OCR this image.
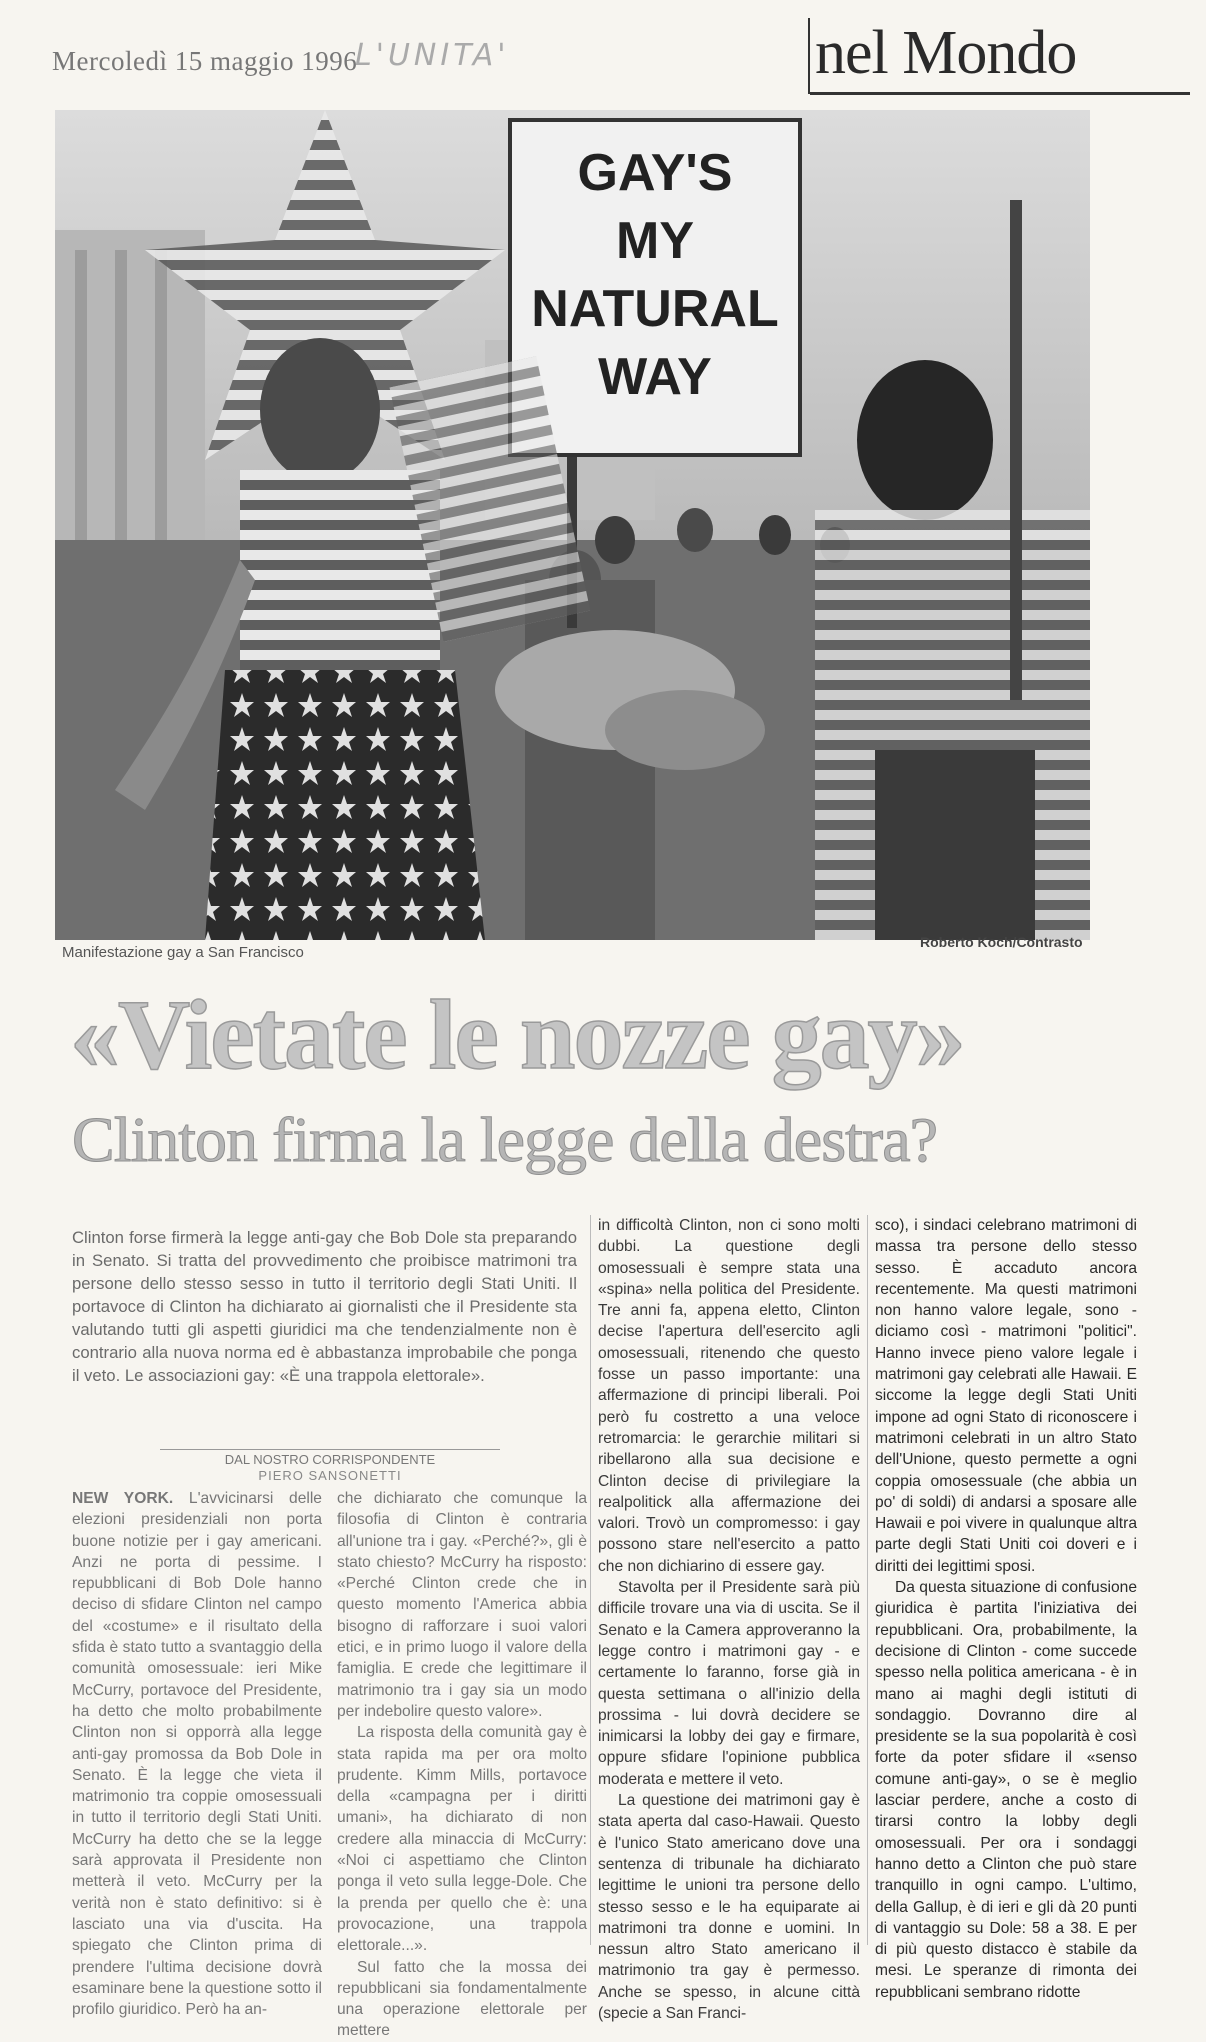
Mercoledì 15 maggio 1996
L'UNITA'	nel Mondo
GAY'S
MY
NATURAL
WAY
Manifestazione gay a San Francisco
Roberto Koch/Contrasto
«Vietate le nozze gay»
Clinton firma la legge della destra?
Clinton forse firmerà la legge anti-gay che Bob Dole sta preparando in Senato. Si tratta del provvedimento che proibisce matrimoni tra persone dello stesso sesso in tutto il territorio degli Stati Uniti. Il portavoce di Clinton ha dichiarato ai giornalisti che il Presidente sta valutando tutti gli aspetti giuridici ma che tendenzialmente non è contrario alla nuova norma ed è abbastanza improbabile che ponga il veto. Le associazioni gay: «È una trappola elettorale».
DAL NOSTRO CORRISPONDENTE
PIERO SANSONETTI

NEW YORK. L'avvicinarsi delle elezioni presidenziali non porta buone notizie per i gay americani. Anzi ne porta di pessime. I repubblicani di Bob Dole hanno deciso di sfidare Clinton nel campo del «costume» e il risultato della sfida è stato tutto a svantaggio della comunità omosessuale: ieri Mike McCurry, portavoce del Presidente, ha detto che molto probabilmente Clinton non si opporrà alla legge anti-gay promossa da Bob Dole in Senato. È la legge che vieta il matrimonio tra coppie omosessuali in tutto il territorio degli Stati Uniti. McCurry ha detto che se la legge sarà approvata il Presidente non metterà il veto. McCurry per la verità non è stato definitivo: si è lasciato una via d'uscita. Ha spiegato che Clinton prima di prendere l'ultima decisione dovrà esaminare bene la questione sotto il profilo giuridico. Però ha an-

che dichiarato che comunque la filosofia di Clinton è contraria all'unione tra i gay. «Perché?», gli è stato chiesto? McCurry ha risposto: «Perché Clinton crede che in questo momento l'America abbia bisogno di rafforzare i suoi valori etici, e in primo luogo il valore della famiglia. E crede che legittimare il matrimonio tra i gay sia un modo per indebolire questo valore».

La risposta della comunità gay è stata rapida ma per ora molto prudente. Kimm Mills, portavoce della «campagna per i diritti umani», ha dichiarato di non credere alla minaccia di McCurry: «Noi ci aspettiamo che Clinton ponga il veto sulla legge-Dole. Che la prenda per quello che è: una provocazione, una trappola elettorale...».

Sul fatto che la mossa dei repubblicani sia fondamentalmente una operazione elettorale per mettere

in difficoltà Clinton, non ci sono molti dubbi. La questione degli omosessuali è sempre stata una «spina» nella politica del Presidente. Tre anni fa, appena eletto, Clinton decise l'apertura dell'esercito agli omosessuali, ritenendo che questo fosse un passo importante: una affermazione di principi liberali. Poi però fu costretto a una veloce retromarcia: le gerarchie militari si ribellarono alla sua decisione e Clinton decise di privilegiare la realpolitick alla affermazione dei valori. Trovò un compromesso: i gay possono stare nell'esercito a patto che non dichiarino di essere gay.

Stavolta per il Presidente sarà più difficile trovare una via di uscita. Se il Senato e la Camera approveranno la legge contro i matrimoni gay - e certamente lo faranno, forse già in questa settimana o all'inizio della prossima - lui dovrà decidere se inimicarsi la lobby dei gay e firmare, oppure sfidare l'opinione pubblica moderata e mettere il veto.

La questione dei matrimoni gay è stata aperta dal caso-Hawaii. Questo è l'unico Stato americano dove una sentenza di tribunale ha dichiarato legittime le unioni tra persone dello stesso sesso e le ha equiparate ai matrimoni tra donne e uomini. In nessun altro Stato americano il matrimonio tra gay è permesso. Anche se spesso, in alcune città (specie a San Franci-

sco), i sindaci celebrano matrimoni di massa tra persone dello stesso sesso. È accaduto ancora recentemente. Ma questi matrimoni non hanno valore legale, sono - diciamo così - matrimoni "politici". Hanno invece pieno valore legale i matrimoni gay celebrati alle Hawaii. E siccome la legge degli Stati Uniti impone ad ogni Stato di riconoscere i matrimoni celebrati in un altro Stato dell'Unione, questo permette a ogni coppia omosessuale (che abbia un po' di soldi) di andarsi a sposare alle Hawaii e poi vivere in qualunque altra parte degli Stati Uniti coi doveri e i diritti dei legittimi sposi.

Da questa situazione di confusione giuridica è partita l'iniziativa dei repubblicani. Ora, probabilmente, la decisione di Clinton - come succede spesso nella politica americana - è in mano ai maghi degli istituti di sondaggio. Dovranno dire al presidente se la sua popolarità è così forte da poter sfidare il «senso comune anti-gay», o se è meglio lasciar perdere, anche a costo di tirarsi contro la lobby degli omosessuali. Per ora i sondaggi hanno detto a Clinton che può stare tranquillo in ogni campo. L'ultimo, della Gallup, è di ieri e gli dà 20 punti di vantaggio su Dole: 58 a 38. E per di più questo distacco è stabile da mesi. Le speranze di rimonta dei repubblicani sembrano ridotte
